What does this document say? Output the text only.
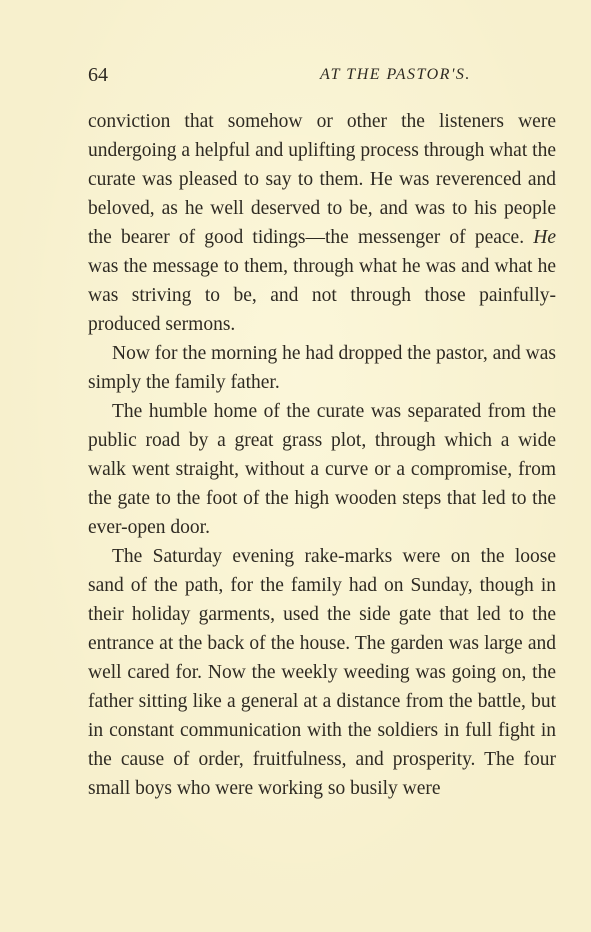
64	AT THE PASTOR'S.

conviction that somehow or other the listeners were undergoing a helpful and uplifting process through what the curate was pleased to say to them. He was reverenced and beloved, as he well deserved to be, and was to his people the bearer of good tidings—the messenger of peace. He was the message to them, through what he was and what he was striving to be, and not through those painfully-produced sermons.

Now for the morning he had dropped the pastor, and was simply the family father.

The humble home of the curate was separated from the public road by a great grass plot, through which a wide walk went straight, without a curve or a compromise, from the gate to the foot of the high wooden steps that led to the ever-open door.

The Saturday evening rake-marks were on the loose sand of the path, for the family had on Sunday, though in their holiday garments, used the side gate that led to the entrance at the back of the house. The garden was large and well cared for. Now the weekly weeding was going on, the father sitting like a general at a distance from the battle, but in constant communication with the soldiers in full fight in the cause of order, fruitfulness, and prosperity. The four small boys who were working so busily were
